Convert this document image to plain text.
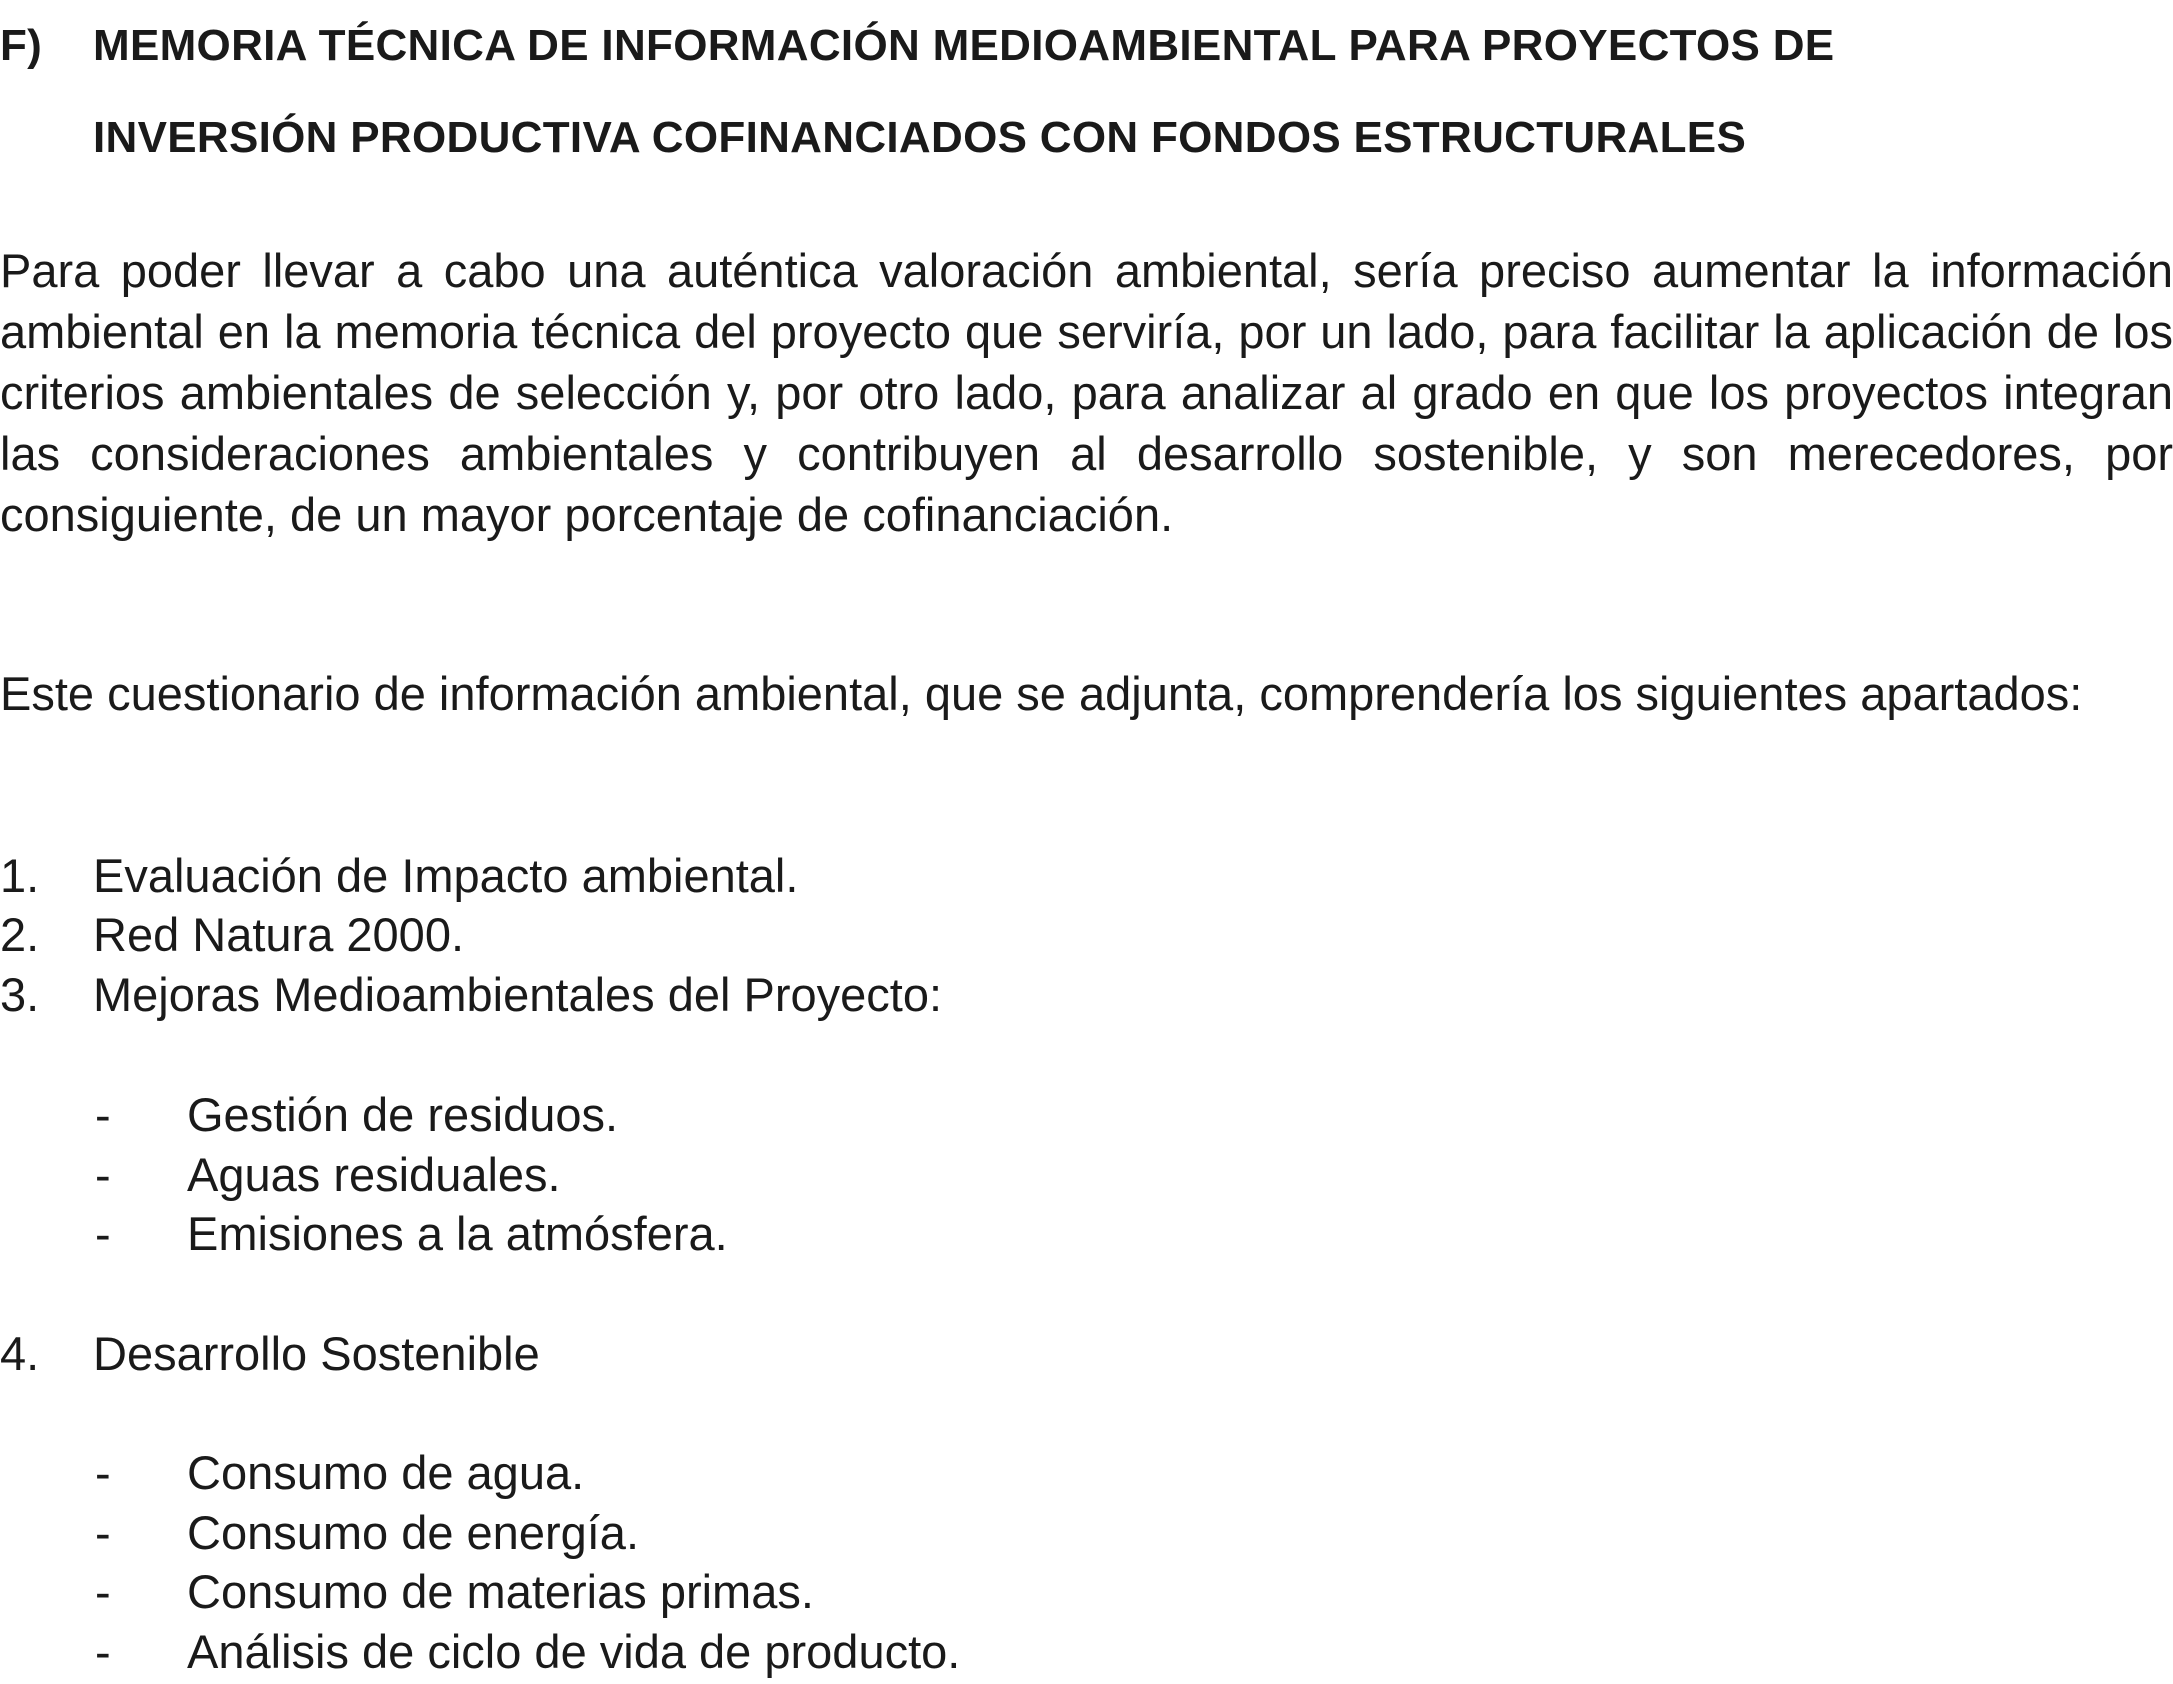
F) MEMORIA TÉCNICA DE INFORMACIÓN MEDIOAMBIENTAL PARA PROYECTOS DE
INVERSIÓN PRODUCTIVA COFINANCIADOS CON FONDOS ESTRUCTURALES

Para poder llevar a cabo una auténtica valoración ambiental, sería preciso aumentar la información ambiental en la memoria técnica del proyecto que serviría, por un lado, para facilitar la aplicación de los criterios ambientales de selección y, por otro lado, para analizar al grado en que los proyectos integran las consideraciones ambientales y contribuyen al desarrollo sostenible, y son merecedores, por consiguiente, de un mayor porcentaje de cofinanciación.

Este cuestionario de información ambiental, que se adjunta, comprendería los siguientes apartados:

1. Evaluación de Impacto ambiental.
2. Red Natura 2000.
3. Mejoras Medioambientales del Proyecto:
- Gestión de residuos.
- Aguas residuales.
- Emisiones a la atmósfera.
4. Desarrollo Sostenible
- Consumo de agua.
- Consumo de energía.
- Consumo de materias primas.
- Análisis de ciclo de vida de producto.
